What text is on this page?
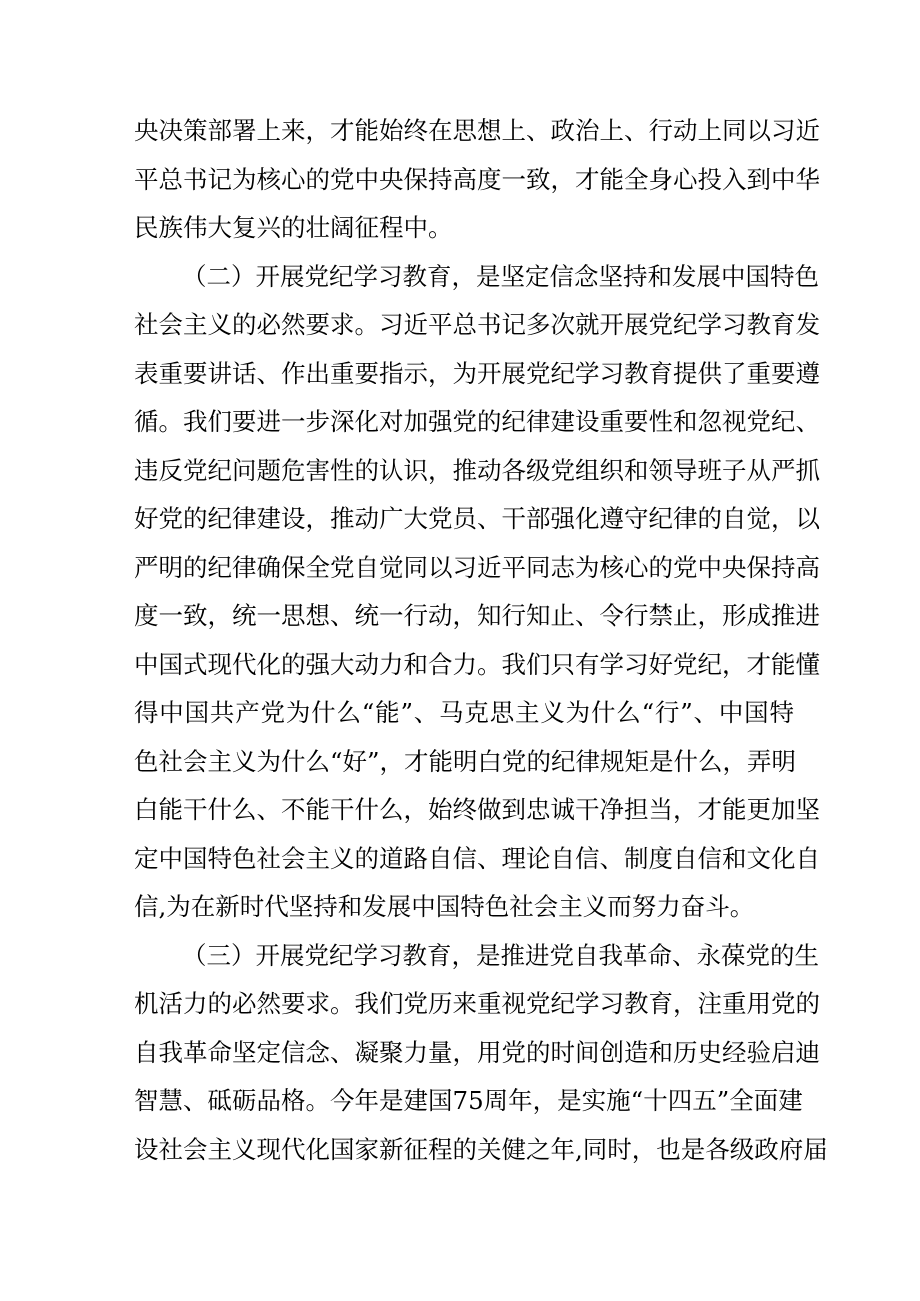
央决策部署上来，才能始终在思想上、政治上、行动上同以习近
平总书记为核心的党中央保持高度一致，才能全身心投入到中华
民族伟大复兴的壮阔征程中。
（二）开展党纪学习教育，是坚定信念坚持和发展中国特色
社会主义的必然要求。习近平总书记多次就开展党纪学习教育发
表重要讲话、作出重要指示，为开展党纪学习教育提供了重要遵
循。我们要进一步深化对加强党的纪律建设重要性和忽视党纪、
违反党纪问题危害性的认识，推动各级党组织和领导班子从严抓
好党的纪律建设，推动广大党员、干部强化遵守纪律的自觉，以
严明的纪律确保全党自觉同以习近平同志为核心的党中央保持高
度一致，统一思想、统一行动，知行知止、令行禁止，形成推进
中国式现代化的强大动力和合力。我们只有学习好党纪，才能懂
得中国共产党为什么“能”、马克思主义为什么“行”、中国特
色社会主义为什么“好”，才能明白党的纪律规矩是什么，弄明
白能干什么、不能干什么，始终做到忠诚干净担当，才能更加坚
定中国特色社会主义的道路自信、理论自信、制度自信和文化自
信,为在新时代坚持和发展中国特色社会主义而努力奋斗。
（三）开展党纪学习教育，是推进党自我革命、永葆党的生
机活力的必然要求。我们党历来重视党纪学习教育，注重用党的
自我革命坚定信念、凝聚力量，用党的时间创造和历史经验启迪
智慧、砥砺品格。今年是建国75周年，是实施“十四五”全面建
设社会主义现代化国家新征程的关健之年,同时，也是各级政府届
